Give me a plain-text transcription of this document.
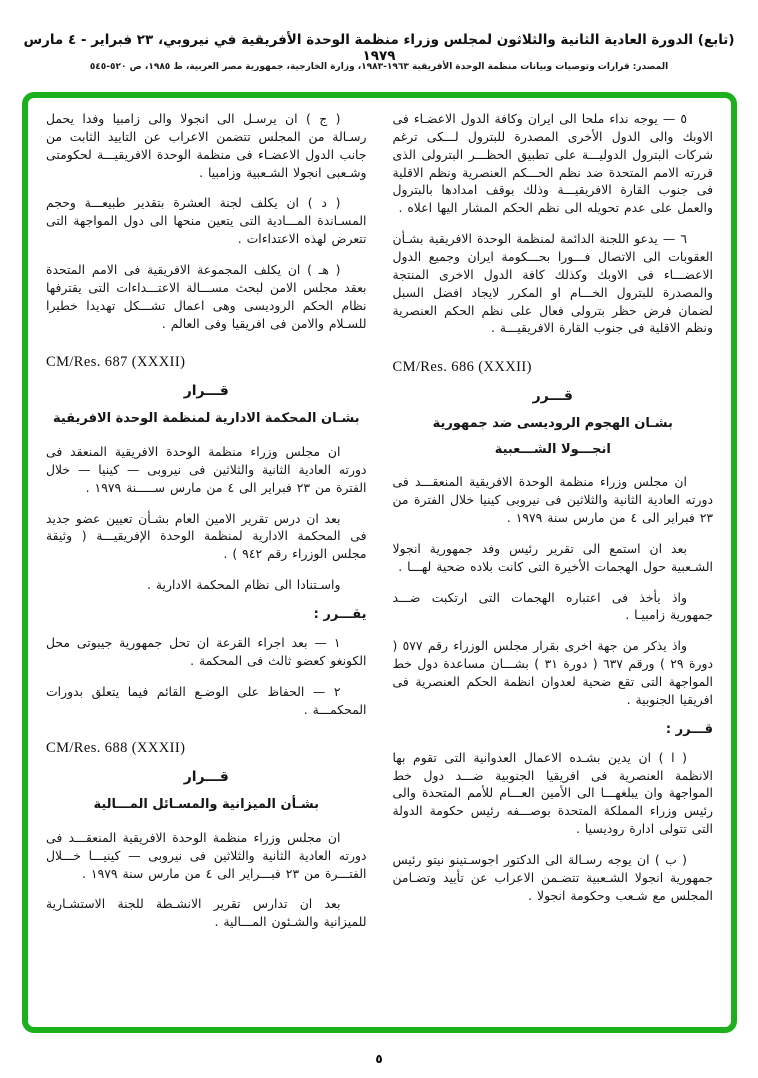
(تابع) الدورة العادية الثانية والثلاثون لمجلس وزراء منظمة الوحدة الأفريقية في نيروبي، ٢٣ فبراير - ٤ مارس ١٩٧٩
المصدر: قرارات وتوصيات وبيانات منظمة الوحدة الأفريقية ١٩٦٣-١٩٨٣، وزارة الخارجية، جمهورية مصر العربية، ط ١٩٨٥، ص ٥٢٠-٥٤٥

٥ — يوجه نداء ملحا الى ايران وكافة الدول الاعضـاء فى الاوبك والى الدول الأخرى المصدرة للبترول لـــكى ترغم شركات البترول الدوليـــة على تطبيق الحظـــر البترولى الذى قررته الامم المتحدة ضد نظم الحـــكم العنصرية ونظم الاقلية فى جنوب القارة الافريقيـــة وذلك بوقف امدادها بالبترول والعمل على عدم تحويله الى نظم الحكم المشار اليها اعلاه .

٦ — يدعو اللجنة الدائمة لمنظمة الوحدة الافريقية بشـأن العقوبات الى الاتصال فـــورا بحـــكومة ايران وجميع الدول الاعضـــاء فى الاوبك وكذلك كافة الدول الاخرى المنتجة والمصدرة للبترول الخـــام او المكرر لايجاد افضل السبل لضمان فرض حظر بترولى فعال على نظم الحكم العنصرية ونظم الاقلية فى جنوب القارة الافريقيـــة .

CM/Res. 686 (XXXII)
قـــرر
بشـان الهجوم الروديسى ضد جمهورية
انجـــولا الشـــعبية

ان مجلس وزراء منظمة الوحدة الافريقية المنعقـــد فى دورته العادية الثانية والثلاثين فى نيروبى كينيا خلال الفترة من ٢٣ فبراير الى ٤ من مارس سنة ١٩٧٩ .

بعد ان استمع الى تقرير رئيس وفد جمهورية انجولا الشـعبية حول الهجمات الأخيرة التى كانت بلاده ضحية لهـــا .

واذ يأخذ فى اعتباره الهجمات التى ارتكبت ضـــد جمهورية زامبيـا .

واذ يذكر من جهة اخرى بقرار مجلس الوزراء رقم ٥٧٧ ( دورة ٢٩ ) ورقم ٦٣٧ ( دورة ٣١ ) بشـــان مساعدة دول خط المواجهة التى تقع ضحية لعدوان انظمة الحكم العنصرية فى افريقيا الجنوبية .

قـــرر :

( ا ) ان يدين بشـده الاعمال العدوانية التى تقوم بها الانظمة العنصرية فى افريقيا الجنوبية ضـــد دول خط المواجهة وان يبلغهـــا الى الأمين العـــام للأمم المتحدة والى رئيس وزراء المملكة المتحدة بوصـــفه رئيس حكومة الدولة التى تتولى ادارة روديسيا .

( ب ) ان يوجه رسـالة الى الدكتور اجوسـتينو نيتو رئيس جمهورية انجولا الشـعبية تتضـمن الاعراب عن تأييد وتضـامن المجلس مع شـعب وحكومة انجولا .

( ج ) ان يرسـل الى انجولا والى زامبيا وفدا يحمل رسـالة من المجلس تتضمن الاعراب عن التاييد الثابت من جانب الدول الاعضـاء فى منظمة الوحدة الافريقيـــة لحكومتى وشـعبى انجولا الشـعبية وزامبيا .

( د ) ان يكلف لجنة العشرة بتقدير طبيعـــة وحجم المسـاندة المـــادية التى يتعين منحها الى دول المواجهة التى تتعرض لهذه الاعتداءات .

( هـ ) ان يكلف المجموعة الافريقية فى الامم المتحدة بعقد مجلس الامن لبحث مســـالة الاعتـــداءات التى يقترفها نظام الحكم الروديسى وهى اعمال تشـــكل تهديدا خطيرا للسـلام والامن فى افريقيا وفى العالم .

CM/Res. 687 (XXXII)
قـــرار
بشـان المحكمة الادارية لمنظمة الوحدة الافريقية

ان مجلس وزراء منظمة الوحدة الافريقية المنعقد فى دورته العادية الثانية والثلاثين فى نيروبى — كينيا — خلال الفترة من ٢٣ فبراير الى ٤ من مارس ســـــنة ١٩٧٩ .

بعد ان درس تقرير الامين العام بشـأن تعيين عضو جديد فى المحكمة الادارية لمنظمة الوحدة الإفريقيـــة ( وثيقة مجلس الوزراء رقم ٩٤٢ ) .

واسـتنادا الى نظام المحكمة الادارية .

يقـــرر :

١ — بعد اجراء القرعة ان تحل جمهورية جيبوتى محل الكونغو كعضو ثالث فى المحكمة .

٢ — الحفاظ على الوضـع القائم فيما يتعلق بدورات المحكمـــة .

CM/Res. 688 (XXXII)
قـــرار
بشـأن الميزانية والمسـائل المـــالية

ان مجلس وزراء منظمة الوحدة الافريقية المنعقـــد فى دورته العادية الثانية والثلاثين فى نيروبى — كينيـــا خـــلال الفتـــرة من ٢٣ فبـــراير الى ٤ من مارس سنة ١٩٧٩ .

بعد ان تدارس تقرير الانشـطة للجنة الاستشـارية للميزانية والشـئون المـــالية .

٥
